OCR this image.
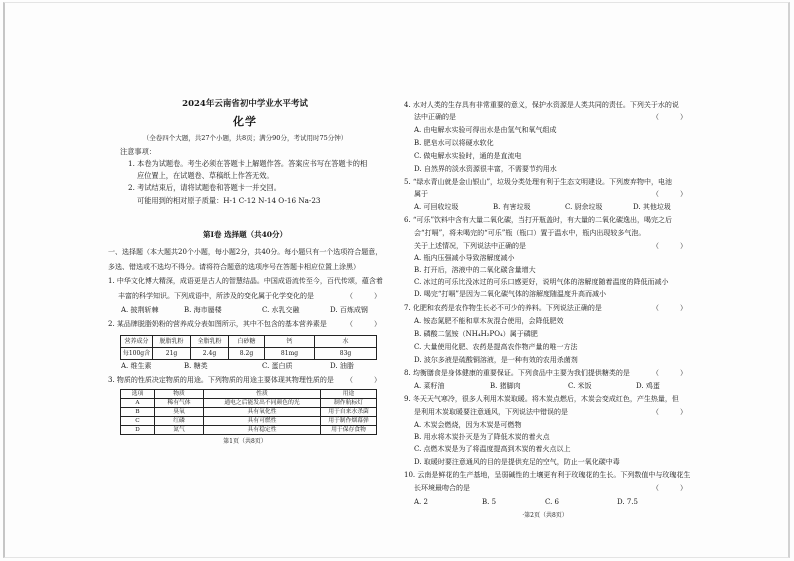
2024年云南省初中学业水平考试
化学
（全卷四个大题，共27个小题，共8页；满分90分，考试用时75分钟）
注意事项：
1. 本卷为试题卷。考生必须在答题卡上解题作答。答案应书写在答题卡的相
应位置上，在试题卷、草稿纸上作答无效。
2. 考试结束后，请将试题卷和答题卡一并交回。
可能用到的相对原子质量：H-1 C-12 N-14 O-16 Na-23
第Ⅰ卷 选择题（共40分）
一、选择题（本大题共20个小题，每小题2分，共40分。每小题只有一个选项符合题意，
多选、错选或不选均不得分。请将符合题意的选项序号在答题卡相应位置上涂黑）
1. 中华文化博大精深，成语更是古人的智慧结晶。中国成语流传至今，百代传颂，蕴含着
丰富的科学知识。下列成语中，所涉及的变化属于化学变化的是	（　　　）
A. 披荆斩棘	B. 海市蜃楼	C. 水乳交融	D. 百炼成钢
2. 某品牌脱脂奶粉的营养成分表如图所示，其中不包含的基本营养素是	（　　　）
营养成分	脱脂乳粉	全脂乳粉	白砂糖	钙	水
每100g含	21g	2.4g	8.2g	81mg	83g
A. 维生素	B. 糖类	C. 蛋白质	D. 油脂
3. 物质的性质决定物质的用途。下列物质的用途主要体现其物理性质的是 （　　　）
选项	物质	性质	用途
A	稀有气体	通电之后能发出不同颜色的光	制作航标灯
B	臭氧	具有氧化性	用于自来水杀菌
C	红磷	具有可燃性	用于制作烟幕弹
D	氮气	具有稳定性	用于保存食物
第1页（共8页）
4. 水对人类的生存具有非常重要的意义，保护水资源是人类共同的责任。下列关于水的说
法中正确的是	（　　　）
A. 由电解水实验可得出水是由氢气和氧气组成
B. 肥皂水可以将硬水软化
C. 做电解水实验时，通的是直流电
D. 自然界的淡水资源很丰富，不需要节约用水
5. “绿水青山就是金山银山”，垃圾分类处理有利于生态文明建设。下列废弃物中，电池
属于	（　　　）
A. 可回收垃圾	B. 有害垃圾	C. 厨余垃圾	D. 其他垃圾
6. “可乐”饮料中含有大量二氧化碳，当打开瓶盖时，有大量的二氧化碳逸出，喝完之后
会“打嗝”，将未喝完的“可乐”瓶（瓶口）置于温水中，瓶内出现较多气泡。
关于上述情况，下列说法中正确的是	（　　　）
A. 瓶内压强减小导致溶解度减小
B. 打开后，溶液中的二氧化碳含量增大
C. 冰过的可乐比没冰过的可乐口感更好，说明气体的溶解度随着温度的降低而减小
D. 喝完“打嗝”是因为二氧化碳气体的溶解度随温度升高而减小
7. 化肥和农药是农作物生长必不可少的养料。下列说法正确的是	（　　　）
A. 铵态氮肥不能和草木灰混合使用，会降低肥效
B. 磷酸二氢铵（NH₄H₂PO₄）属于磷肥
C. 大量使用化肥、农药是提高农作物产量的唯一方法
D. 波尔多液是硫酸铜溶液，是一种有效的农用杀菌剂
8. 均衡膳食是身体健康的重要保证。下列食品中主要为我们提供糖类的是	（　　　）
A. 菜籽油	B. 猪脚肉	C. 米饭	D. 鸡蛋
9. 冬天天气寒冷，很多人利用木炭取暖。将木炭点燃后，木炭会变成红色，产生热量，但
是利用木炭取暖要注意通风，下列说法中错误的是	（　　　）
A. 木炭会燃烧，因为木炭是可燃物
B. 用水将木炭扑灭是为了降低木炭的着火点
C. 点燃木炭是为了将温度提高到木炭的着火点以上
D. 取暖时要注意通风的目的是提供充足的空气，防止一氧化碳中毒
10. 云南是鲜花的生产基地，呈弱碱性的土壤更有利于玫瑰花的生长。下列数值中与玫瑰花生
长环境最吻合的是	（　　　）
A. 2	B. 5	C. 6	D. 7.5
·第2页（共8页）
